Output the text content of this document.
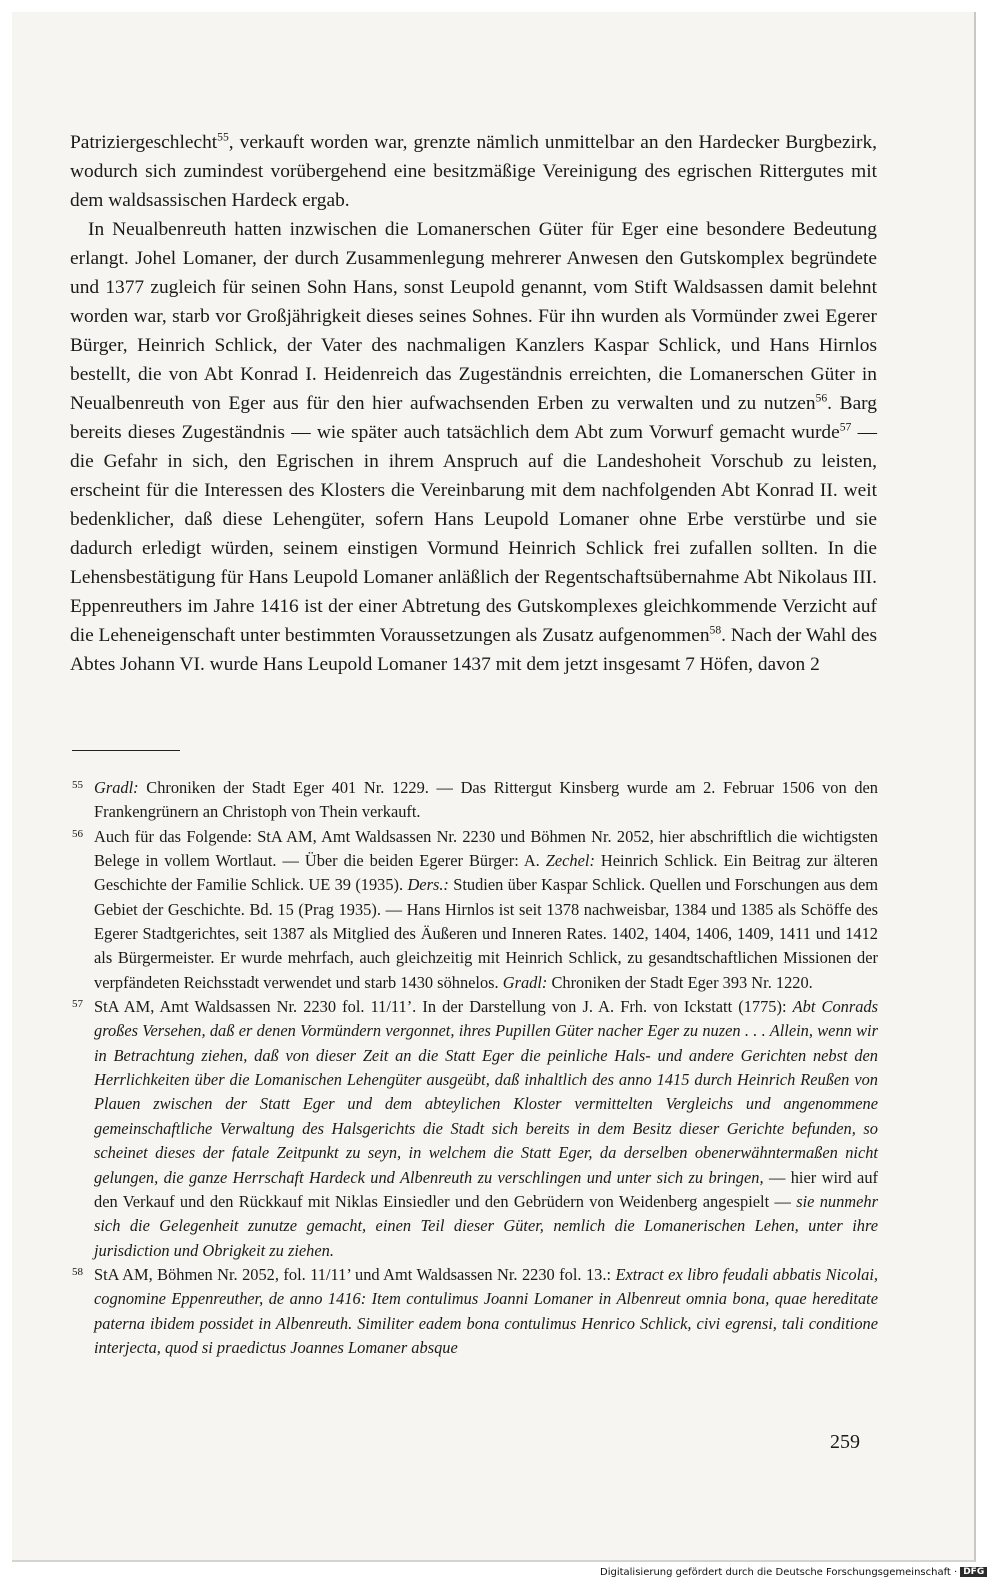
Patriziergeschlecht$^{55}$, verkauft worden war, grenzte nämlich unmittelbar an den Hardecker Burgbezirk, wodurch sich zumindest vorübergehend eine besitzmäßige Vereinigung des egrischen Rittergutes mit dem waldsassischen Hardeck ergab.

In Neualbenreuth hatten inzwischen die Lomanerschen Güter für Eger eine besondere Bedeutung erlangt. Johel Lomaner, der durch Zusammenlegung mehrerer Anwesen den Gutskomplex begründete und 1377 zugleich für seinen Sohn Hans, sonst Leupold genannt, vom Stift Waldsassen damit belehnt worden war, starb vor Großjährigkeit dieses seines Sohnes. Für ihn wurden als Vormünder zwei Egerer Bürger, Heinrich Schlick, der Vater des nachmaligen Kanzlers Kaspar Schlick, und Hans Hirnlos bestellt, die von Abt Konrad I. Heidenreich das Zugeständnis erreichten, die Lomanerschen Güter in Neualbenreuth von Eger aus für den hier aufwachsenden Erben zu verwalten und zu nutzen$^{56}$. Barg bereits dieses Zugeständnis — wie später auch tatsächlich dem Abt zum Vorwurf gemacht wurde$^{57}$ — die Gefahr in sich, den Egrischen in ihrem Anspruch auf die Landeshoheit Vorschub zu leisten, erscheint für die Interessen des Klosters die Vereinbarung mit dem nachfolgenden Abt Konrad II. weit bedenklicher, daß diese Lehengüter, sofern Hans Leupold Lomaner ohne Erbe verstürbe und sie dadurch erledigt würden, seinem einstigen Vormund Heinrich Schlick frei zufallen sollten. In die Lehensbestätigung für Hans Leupold Lomaner anläßlich der Regentschaftsübernahme Abt Nikolaus III. Eppenreuthers im Jahre 1416 ist der einer Abtretung des Gutskomplexes gleichkommende Verzicht auf die Leheneigenschaft unter bestimmten Voraussetzungen als Zusatz aufgenommen$^{58}$. Nach der Wahl des Abtes Johann VI. wurde Hans Leupold Lomaner 1437 mit dem jetzt insgesamt 7 Höfen, davon 2

55 Gradl: Chroniken der Stadt Eger 401 Nr. 1229. — Das Rittergut Kinsberg wurde am 2. Februar 1506 von den Frankengrünern an Christoph von Thein verkauft.
56 Auch für das Folgende: StA AM, Amt Waldsassen Nr. 2230 und Böhmen Nr. 2052, hier abschriftlich die wichtigsten Belege in vollem Wortlaut. — Über die beiden Egerer Bürger: A. Zechel: Heinrich Schlick. Ein Beitrag zur älteren Geschichte der Familie Schlick. UE 39 (1935). Ders.: Studien über Kaspar Schlick. Quellen und Forschungen aus dem Gebiet der Geschichte. Bd. 15 (Prag 1935). — Hans Hirnlos ist seit 1378 nachweisbar, 1384 und 1385 als Schöffe des Egerer Stadtgerichtes, seit 1387 als Mitglied des Äußeren und Inneren Rates. 1402, 1404, 1406, 1409, 1411 und 1412 als Bürgermeister. Er wurde mehrfach, auch gleichzeitig mit Heinrich Schlick, zu gesandtschaftlichen Missionen der verpfändeten Reichsstadt verwendet und starb 1430 söhnelos. Gradl: Chroniken der Stadt Eger 393 Nr. 1220.
57 StA AM, Amt Waldsassen Nr. 2230 fol. 11/11’. In der Darstellung von J. A. Frh. von Ickstatt (1775): Abt Conrads großes Versehen, daß er denen Vormündern vergonnet, ihres Pupillen Güter nacher Eger zu nuzen . . . Allein, wenn wir in Betrachtung ziehen, daß von dieser Zeit an die Statt Eger die peinliche Hals- und andere Gerichten nebst den Herrlichkeiten über die Lomanischen Lehengüter ausgeübt, daß inhaltlich des anno 1415 durch Heinrich Reußen von Plauen zwischen der Statt Eger und dem abteylichen Kloster vermittelten Vergleichs und angenommene gemeinschaftliche Verwaltung des Halsgerichts die Stadt sich bereits in dem Besitz dieser Gerichte befunden, so scheinet dieses der fatale Zeitpunkt zu seyn, in welchem die Statt Eger, da derselben obenerwähntermaßen nicht gelungen, die ganze Herrschaft Hardeck und Albenreuth zu verschlingen und unter sich zu bringen, — hier wird auf den Verkauf und den Rückkauf mit Niklas Einsiedler und den Gebrüdern von Weidenberg angespielt — sie nunmehr sich die Gelegenheit zunutze gemacht, einen Teil dieser Güter, nemlich die Lomanerischen Lehen, unter ihre jurisdiction und Obrigkeit zu ziehen.
58 StA AM, Böhmen Nr. 2052, fol. 11/11’ und Amt Waldsassen Nr. 2230 fol. 13.: Extract ex libro feudali abbatis Nicolai, cognomine Eppenreuther, de anno 1416: Item contulimus Joanni Lomaner in Albenreut omnia bona, quae hereditate paterna ibidem possidet in Albenreuth. Similiter eadem bona contulimus Henrico Schlick, civi egrensi, tali conditione interjecta, quod si praedictus Joannes Lomaner absque
259
Digitalisierung gefördert durch die Deutsche Forschungsgemeinschaft · DFG
